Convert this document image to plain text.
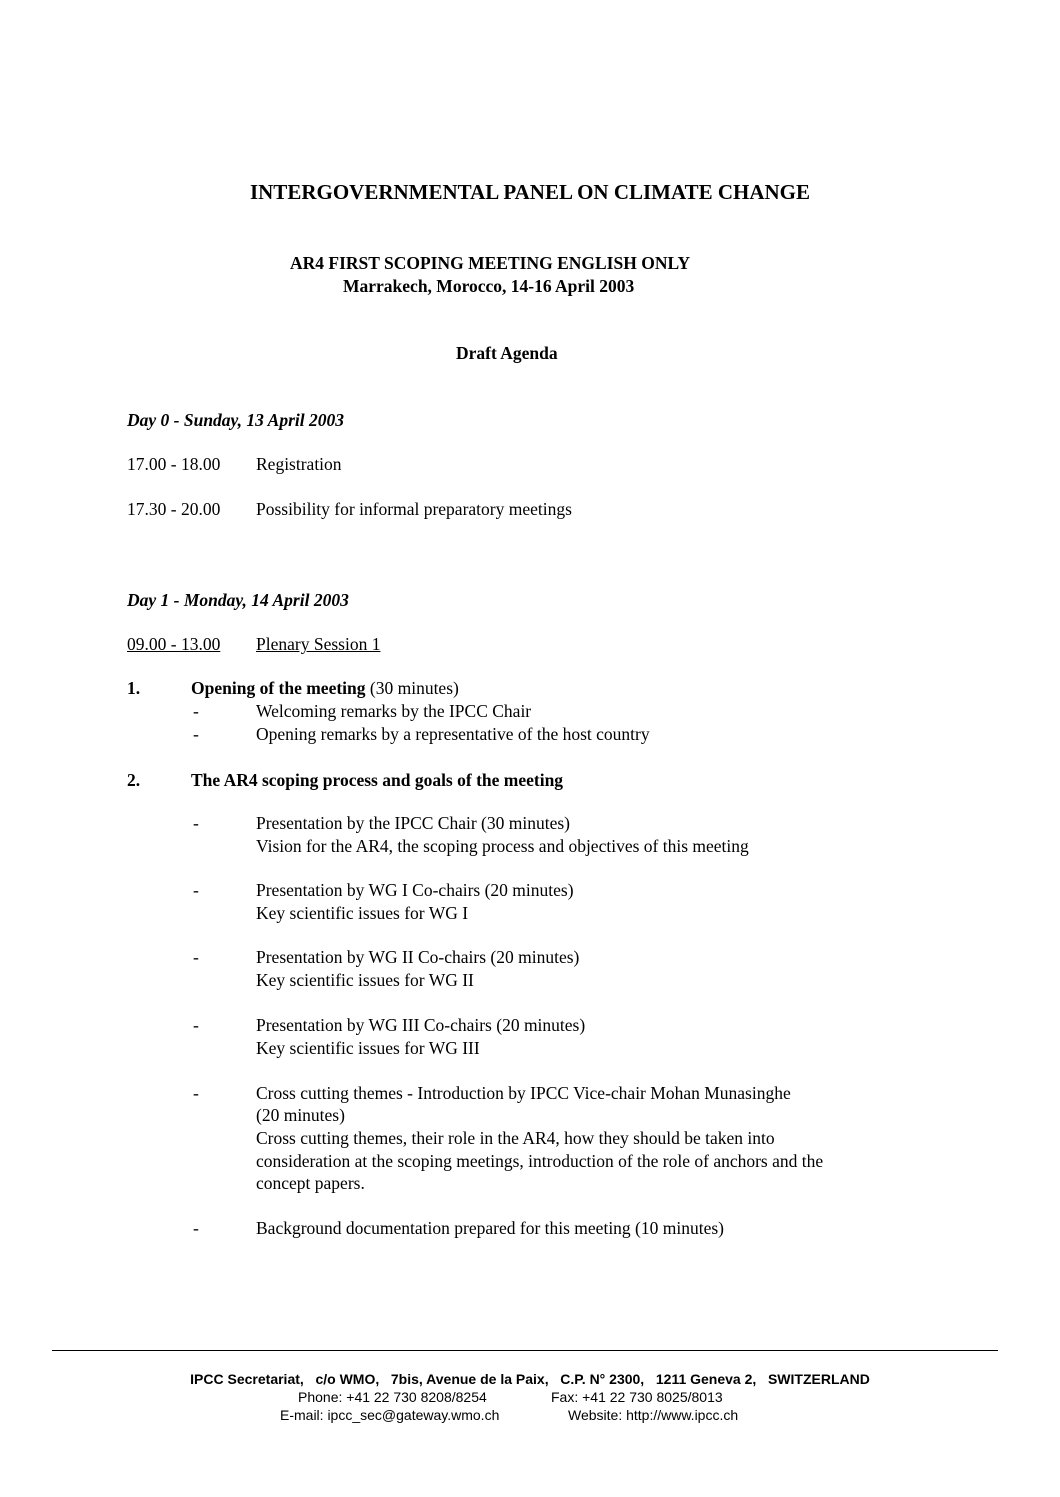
INTERGOVERNMENTAL PANEL ON CLIMATE CHANGE
AR4 FIRST SCOPING MEETING ENGLISH ONLY
Marrakech, Morocco, 14-16 April 2003
Draft Agenda
Day 0 - Sunday, 13 April 2003
17.00 - 18.00 Registration
17.30 - 20.00 Possibility for informal preparatory meetings
Day 1 - Monday, 14 April 2003
09.00 - 13.00	Plenary Session 1
1.	Opening of the meeting (30 minutes)
-	Welcoming remarks by the IPCC Chair
-	Opening remarks by a representative of the host country
2.	The AR4 scoping process and goals of the meeting
-	Presentation by the IPCC Chair (30 minutes)
Vision for the AR4, the scoping process and objectives of this meeting
-	Presentation by WG I Co-chairs (20 minutes)
Key scientific issues for WG I
-	Presentation by WG II Co-chairs (20 minutes)
Key scientific issues for WG II
-	Presentation by WG III Co-chairs (20 minutes)
Key scientific issues for WG III
-	Cross cutting themes - Introduction by IPCC Vice-chair Mohan Munasinghe
(20 minutes)
Cross cutting themes, their role in the AR4, how they should be taken into
consideration at the scoping meetings, introduction of the role of anchors and the
concept papers.
-	Background documentation prepared for this meeting (10 minutes)
IPCC Secretariat,   c/o WMO,   7bis, Avenue de la Paix,   C.P. N° 2300,   1211 Geneva 2,   SWITZERLAND
Phone: +41 22 730 8208/8254	Fax: +41 22 730 8025/8013
E-mail: ipcc_sec@gateway.wmo.ch	Website: http://www.ipcc.ch
